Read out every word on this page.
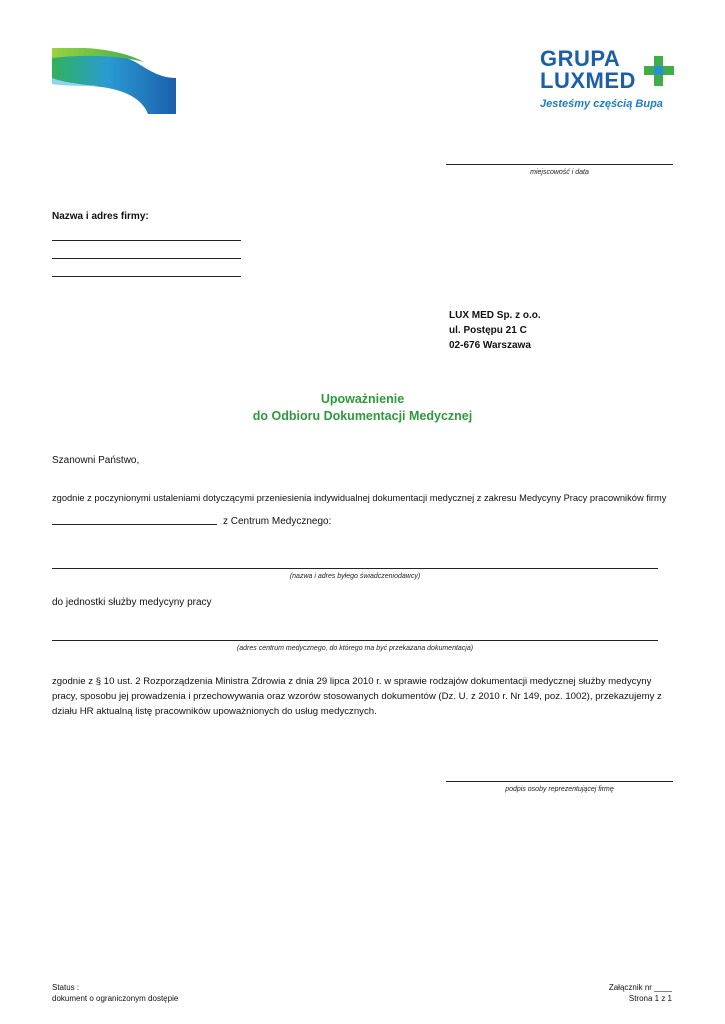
GRUPA
LUXMED
Jesteśmy częścią Bupa
miejscowość i data
Nazwa i adres firmy:
LUX MED Sp. z o.o.
ul. Postępu 21 C
02-676 Warszawa
Upoważnienie
do Odbioru Dokumentacji Medycznej
Szanowni Państwo,
zgodnie z poczynionymi ustaleniami dotyczącymi przeniesienia indywidualnej dokumentacji medycznej z zakresu Medycyny Pracy pracowników firmy
z Centrum Medycznego:
(nazwa i adres byłego świadczeniodawcy)
do jednostki służby medycyny pracy
(adres centrum medycznego, do którego ma być przekazana dokumentacja)
zgodnie z § 10 ust. 2 Rozporządzenia Ministra Zdrowia z dnia 29 lipca 2010 r. w sprawie rodzajów dokumentacji medycznej służby medycyny pracy, sposobu jej prowadzenia i przechowywania oraz wzorów stosowanych dokumentów (Dz. U. z 2010 r. Nr 149, poz. 1002), przekazujemy z działu HR aktualną listę pracowników upoważnionych do usług medycznych.
podpis osoby reprezentującej firmę
Status :
dokument o ograniczonym dostępie
Załącznik nr ____
Strona 1 z 1
